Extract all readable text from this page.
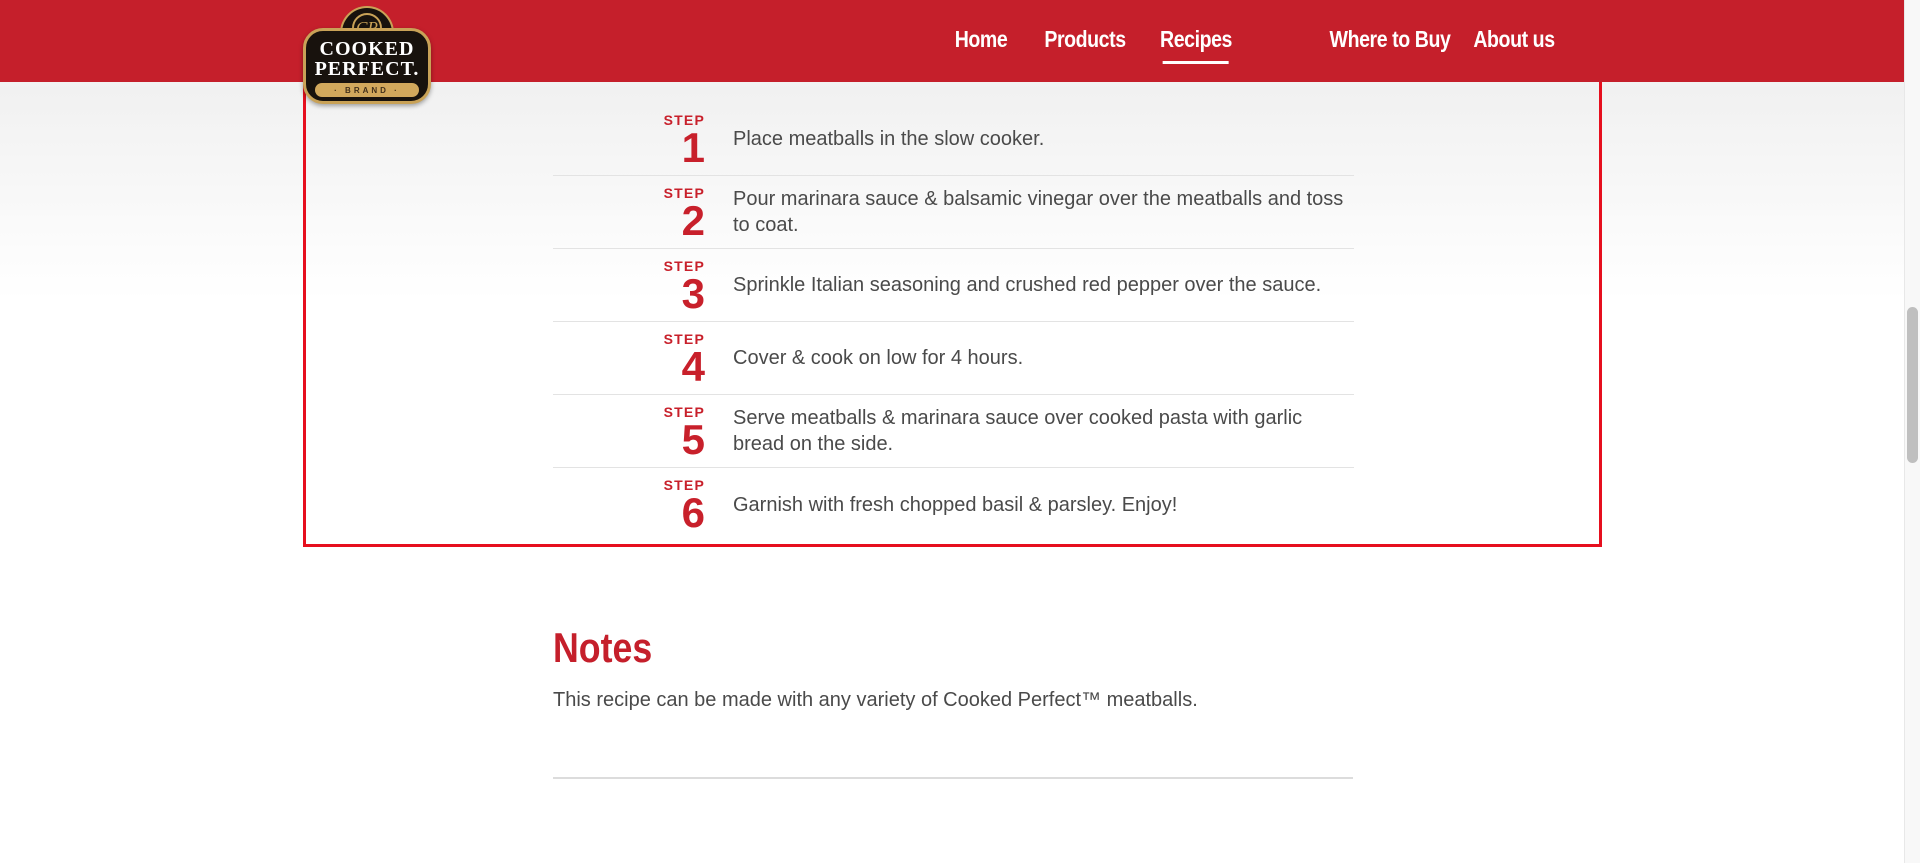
Home	Products	Recipes	Where to Buy About us
COOKED
PERFECT.
· BRAND ·
STEP
1 Place meatballs in the slow cooker.
STEP
2 Pour marinara sauce & balsamic vinegar over the meatballs and toss to coat.
STEP
3 Sprinkle Italian seasoning and crushed red pepper over the sauce.
STEP
4 Cover & cook on low for 4 hours.
STEP
5 Serve meatballs & marinara sauce over cooked pasta with garlic bread on the side.
STEP
6 Garnish with fresh chopped basil & parsley. Enjoy!
Notes
This recipe can be made with any variety of Cooked Perfect™ meatballs.
